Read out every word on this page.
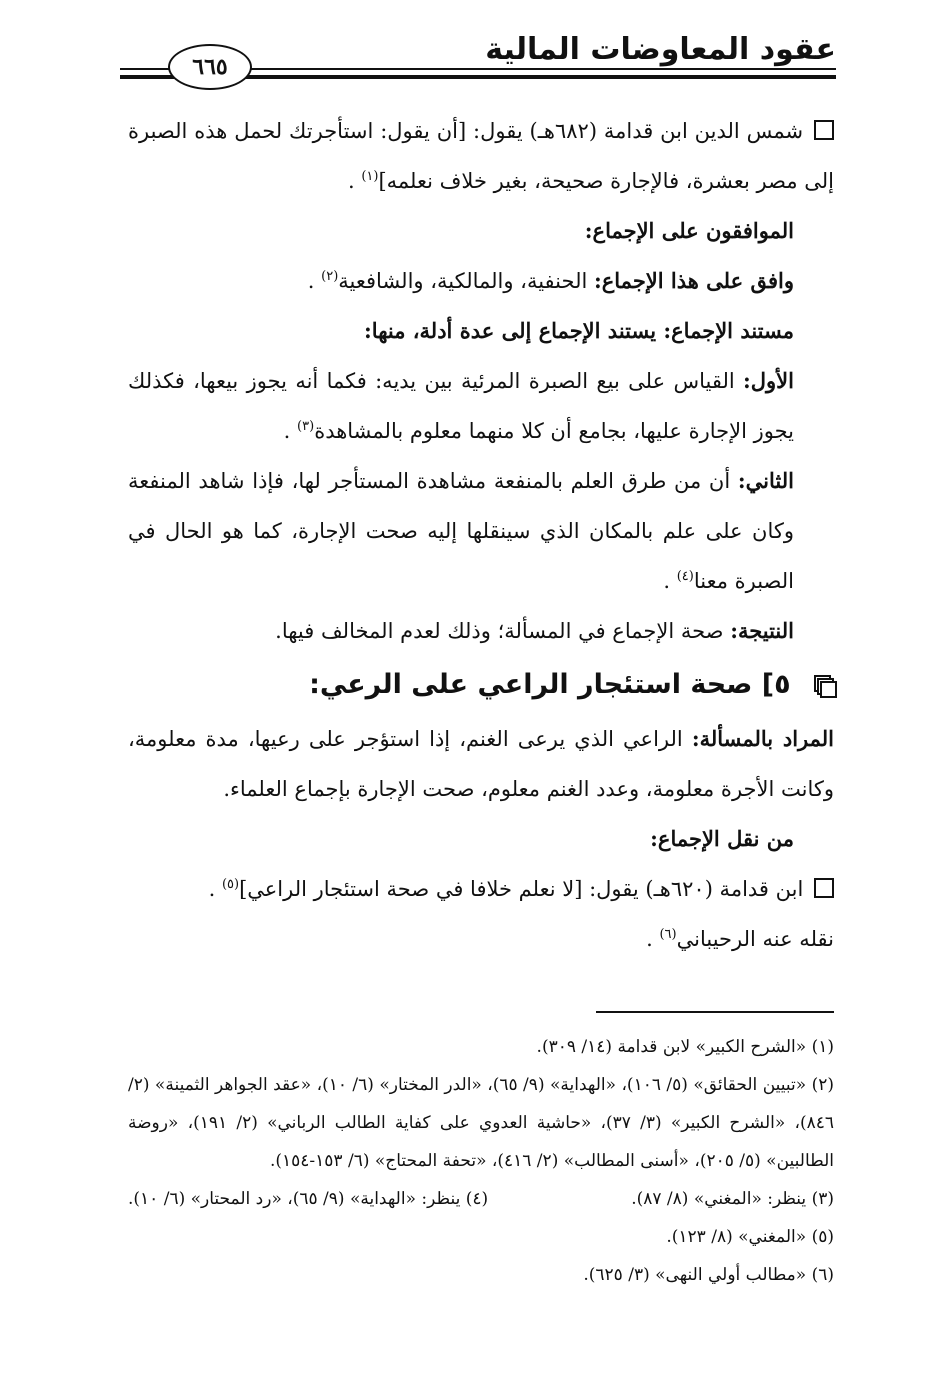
عقود المعاوضات المالية
٦٦٥

شمس الدين ابن قدامة (٦٨٢هـ) يقول: [أن يقول: استأجرتك لحمل هذه الصبرة إلى مصر بعشرة، فالإجارة صحيحة، بغير خلاف نعلمه]$^{(١)}$ .

الموافقون على الإجماع:

وافق على هذا الإجماع: الحنفية، والمالكية، والشافعية$^{(٢)}$ .

مستند الإجماع: يستند الإجماع إلى عدة أدلة، منها:

الأول: القياس على بيع الصبرة المرئية بين يديه: فكما أنه يجوز بيعها، فكذلك يجوز الإجارة عليها، بجامع أن كلا منهما معلوم بالمشاهدة$^{(٣)}$ .

الثاني: أن من طرق العلم بالمنفعة مشاهدة المستأجر لها، فإذا شاهد المنفعة وكان على علم بالمكان الذي سينقلها إليه صحت الإجارة، كما هو الحال في الصبرة معنا$^{(٤)}$ .

النتيجة: صحة الإجماع في المسألة؛ وذلك لعدم المخالف فيها.

٥] صحة استئجار الراعي على الرعي:

المراد بالمسألة: الراعي الذي يرعى الغنم، إذا استؤجر على رعيها، مدة معلومة، وكانت الأجرة معلومة، وعدد الغنم معلوم، صحت الإجارة بإجماع العلماء.

من نقل الإجماع:

ابن قدامة (٦٢٠هـ) يقول: [لا نعلم خلافا في صحة استئجار الراعي]$^{(٥)}$ .
نقله عنه الرحيباني$^{(٦)}$ .

(١) «الشرح الكبير» لابن قدامة (١٤/ ٣٠٩).

(٢) «تبيين الحقائق» (٥/ ١٠٦)، «الهداية» (٩/ ٦٥)، «الدر المختار» (٦/ ١٠)، «عقد الجواهر الثمينة» (٢/ ٨٤٦)، «الشرح الكبير» (٣/ ٣٧)، «حاشية العدوي على كفاية الطالب الرباني» (٢/ ١٩١)، «روضة الطالبين» (٥/ ٢٠٥)، «أسنى المطالب» (٢/ ٤١٦)، «تحفة المحتاج» (٦/ ١٥٣-١٥٤).

(٣) ينظر: «المغني» (٨/ ٨٧).
(٤) ينظر: «الهداية» (٩/ ٦٥)، «رد المحتار» (٦/ ١٠).

(٥) «المغني» (٨/ ١٢٣).

(٦) «مطالب أولي النهى» (٣/ ٦٢٥).
